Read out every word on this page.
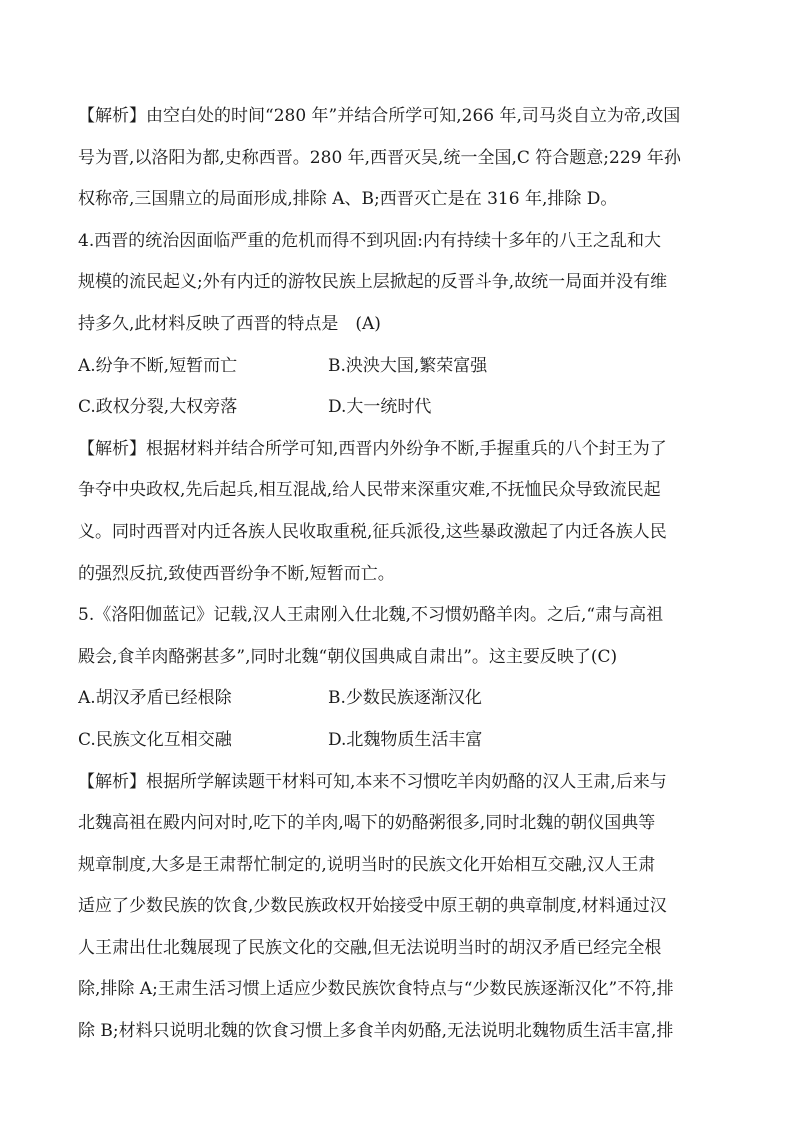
【解析】由空白处的时间“280 年”并结合所学可知,266 年,司马炎自立为帝,改国
号为晋,以洛阳为都,史称西晋。280 年,西晋灭吴,统一全国,C 符合题意;229 年孙
权称帝,三国鼎立的局面形成,排除 A、B;西晋灭亡是在 316 年,排除 D。
4.西晋的统治因面临严重的危机而得不到巩固:内有持续十多年的八王之乱和大
规模的流民起义;外有内迁的游牧民族上层掀起的反晋斗争,故统一局面并没有维
持多久,此材料反映了西晋的特点是　(A)
A.纷争不断,短暂而亡	B.泱泱大国,繁荣富强
C.政权分裂,大权旁落	D.大一统时代
【解析】根据材料并结合所学可知,西晋内外纷争不断,手握重兵的八个封王为了
争夺中央政权,先后起兵,相互混战,给人民带来深重灾难,不抚恤民众导致流民起
义。同时西晋对内迁各族人民收取重税,征兵派役,这些暴政激起了内迁各族人民
的强烈反抗,致使西晋纷争不断,短暂而亡。
5.《洛阳伽蓝记》记载,汉人王肃刚入仕北魏,不习惯奶酪羊肉。之后,“肃与高祖
殿会,食羊肉酪粥甚多”,同时北魏“朝仪国典咸自肃出”。这主要反映了(C)
A.胡汉矛盾已经根除	B.少数民族逐渐汉化
C.民族文化互相交融	D.北魏物质生活丰富
【解析】根据所学解读题干材料可知,本来不习惯吃羊肉奶酪的汉人王肃,后来与
北魏高祖在殿内问对时,吃下的羊肉,喝下的奶酪粥很多,同时北魏的朝仪国典等
规章制度,大多是王肃帮忙制定的,说明当时的民族文化开始相互交融,汉人王肃
适应了少数民族的饮食,少数民族政权开始接受中原王朝的典章制度,材料通过汉
人王肃出仕北魏展现了民族文化的交融,但无法说明当时的胡汉矛盾已经完全根
除,排除 A;王肃生活习惯上适应少数民族饮食特点与“少数民族逐渐汉化”不符,排
除 B;材料只说明北魏的饮食习惯上多食羊肉奶酪,无法说明北魏物质生活丰富,排
